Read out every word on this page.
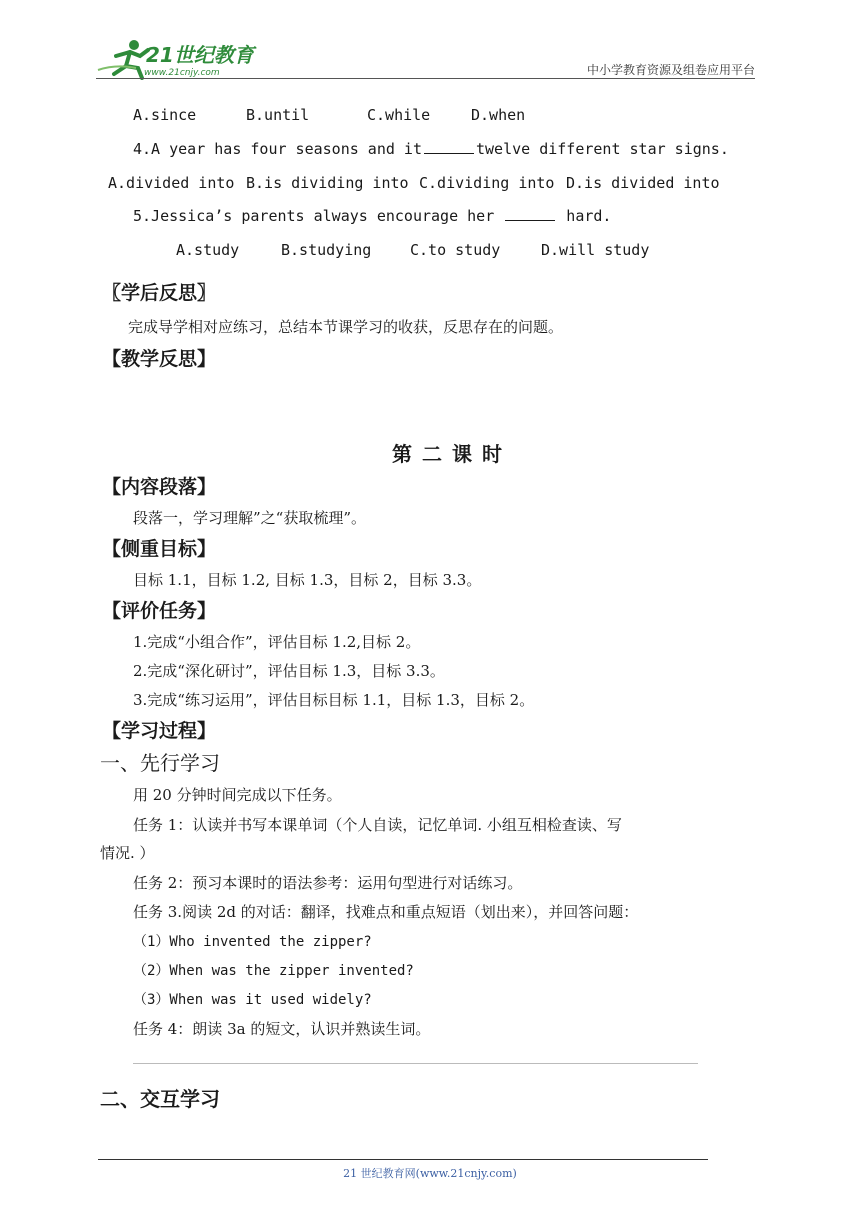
21世纪教育
www.21cnjy.com	中小学教育资源及组卷应用平台
A.since	B.until	C.while	D.when
4.A year has four seasons and it	twelve different star signs.
A.divided into B.is dividing into C.dividing into D.is divided into
5.Jessica’s parents always encourage her	hard.
A.study	B.studying	C.to study	D.will study
〖学后反思〗
完成导学相对应练习，总结本节课学习的收获，反思存在的问题。
【教学反思】
第二课时
【内容段落】
段落一，学习理解”之“获取梳理”。
【侧重目标】
目标 1.1，目标 1.2, 目标 1.3，目标 2，目标 3.3。
【评价任务】
1.完成“小组合作”，评估目标 1.2,目标 2。
2.完成“深化研讨”，评估目标 1.3，目标 3.3。
3.完成“练习运用”，评估目标目标 1.1，目标 1.3，目标 2。
【学习过程】
一、先行学习
用 20 分钟时间完成以下任务。
任务 1：认读并书写本课单词（个人自读，记忆单词. 小组互相检查读、写
情况. ）
任务 2：预习本课时的语法参考：运用句型进行对话练习。
任务 3.阅读 2d 的对话：翻译，找难点和重点短语（划出来），并回答问题：
（1）Who invented the zipper?
（2）When was the zipper invented?
（3）When was it used widely?
任务 4：朗读 3a 的短文，认识并熟读生词。
二、交互学习
21 世纪教育网(www.21cnjy.com)
